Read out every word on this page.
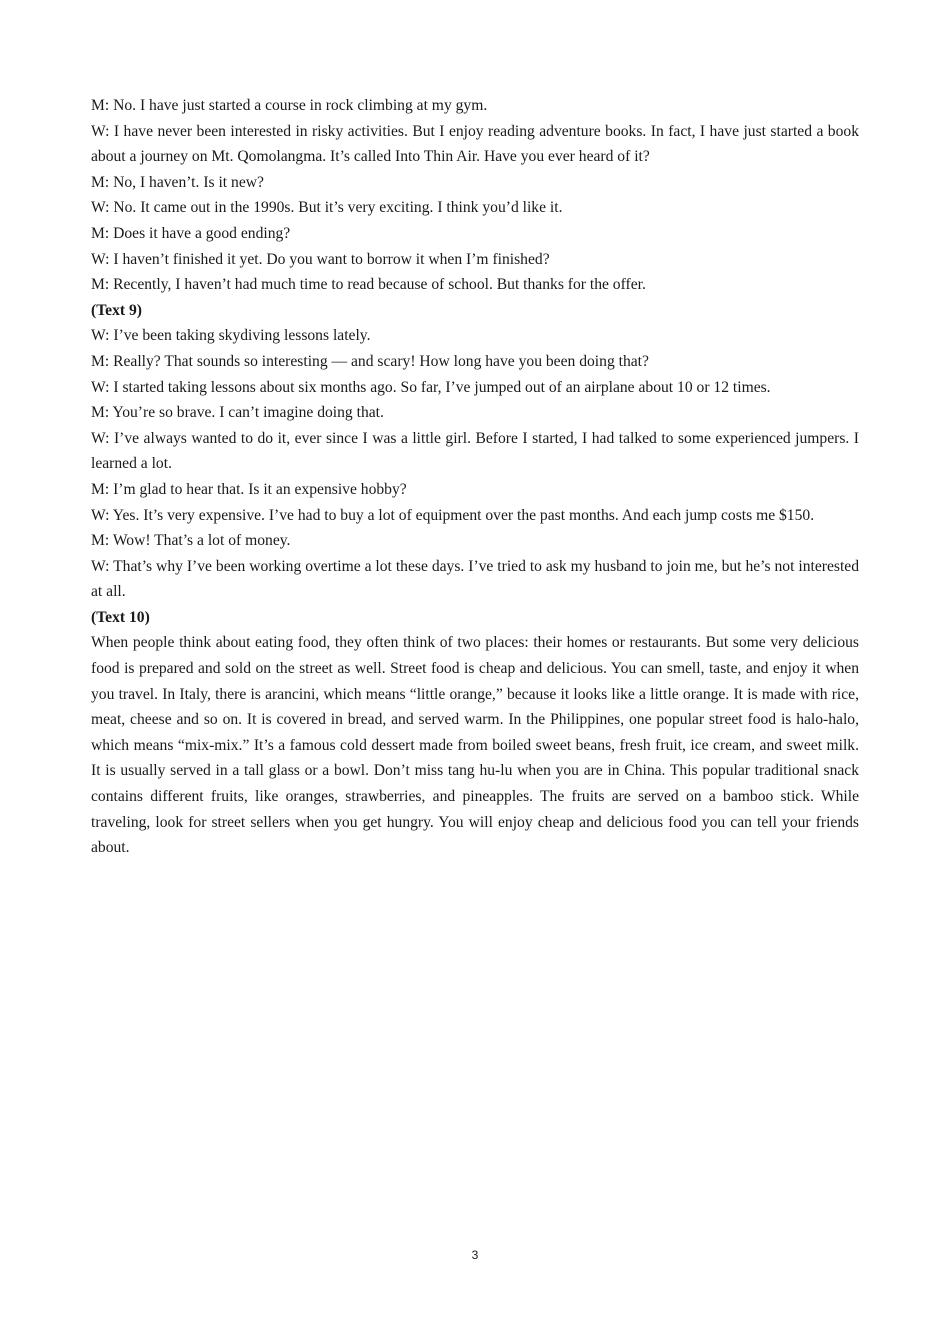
M: No. I have just started a course in rock climbing at my gym.

W: I have never been interested in risky activities. But I enjoy reading adventure books. In fact, I have just started a book about a journey on Mt. Qomolangma. It’s called Into Thin Air. Have you ever heard of it?

M: No, I haven’t. Is it new?

W: No. It came out in the 1990s. But it’s very exciting. I think you’d like it.

M: Does it have a good ending?

W: I haven’t finished it yet. Do you want to borrow it when I’m finished?

M: Recently, I haven’t had much time to read because of school. But thanks for the offer.

(Text 9)

W: I’ve been taking skydiving lessons lately.

M: Really? That sounds so interesting — and scary! How long have you been doing that?

W: I started taking lessons about six months ago. So far, I’ve jumped out of an airplane about 10 or 12 times.

M: You’re so brave. I can’t imagine doing that.

W: I’ve always wanted to do it, ever since I was a little girl. Before I started, I had talked to some experienced jumpers. I learned a lot.

M: I’m glad to hear that. Is it an expensive hobby?

W: Yes. It’s very expensive. I’ve had to buy a lot of equipment over the past months. And each jump costs me $150.

M: Wow! That’s a lot of money.

W: That’s why I’ve been working overtime a lot these days. I’ve tried to ask my husband to join me, but he’s not interested at all.

(Text 10)

When people think about eating food, they often think of two places: their homes or restaurants. But some very delicious food is prepared and sold on the street as well. Street food is cheap and delicious. You can smell, taste, and enjoy it when you travel. In Italy, there is arancini, which means “little orange,” because it looks like a little orange. It is made with rice, meat, cheese and so on. It is covered in bread, and served warm. In the Philippines, one popular street food is halo-halo, which means “mix-mix.” It’s a famous cold dessert made from boiled sweet beans, fresh fruit, ice cream, and sweet milk. It is usually served in a tall glass or a bowl. Don’t miss tang hu-lu when you are in China. This popular traditional snack contains different fruits, like oranges, strawberries, and pineapples. The fruits are served on a bamboo stick. While traveling, look for street sellers when you get hungry. You will enjoy cheap and delicious food you can tell your friends about.

3
